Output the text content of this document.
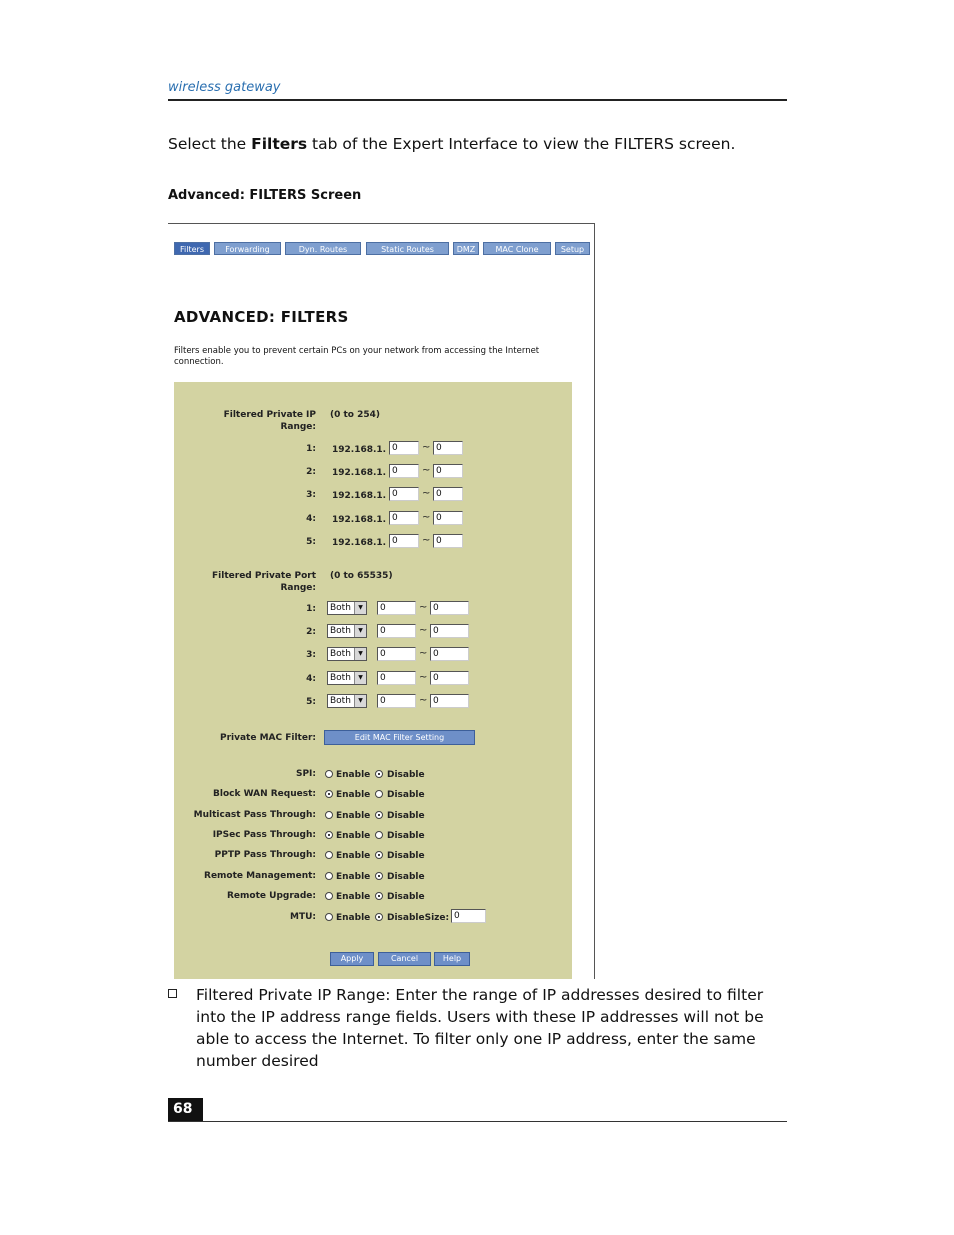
wireless gateway
Select the Filters tab of the Expert Interface to view the FILTERS screen.
Advanced: FILTERS Screen
Filters	Forwarding	Dyn. Routes	Static Routes	DMZ	MAC Clone	Setup
ADVANCED: FILTERS
Filters enable you to prevent certain PCs on your network from accessing the Internet connection.
Filtered Private IP Range:
(0 to 254)
1: 192.168.1. 0	~ 0
2: 192.168.1. 0	~ 0
3: 192.168.1. 0	~ 0
4: 192.168.1. 0	~ 0
5: 192.168.1. 0	~ 0
Filtered Private Port Range:
(0 to 65535)
1:	Both	▼	0	~ 0
2:	Both	▼	0	~ 0
3:	Both	▼	0	~ 0
4:	Both	▼	0	~ 0
5:	Both	▼	0	~ 0
Private MAC Filter:	Edit MAC Filter Setting
SPI: Enable Disable
Block WAN Request: Enable Disable
Multicast Pass Through: Enable Disable
IPSec Pass Through: Enable Disable
PPTP Pass Through: Enable Disable
Remote Management: Enable Disable
Remote Upgrade: Enable Disable
MTU: Enable DisableSize: 0
Apply	Cancel	Help
Filtered Private IP Range: Enter the range of IP addresses desired to filter into the IP address range fields. Users with these IP addresses will not be able to access the Internet. To filter only one IP address, enter the same number desired
68
